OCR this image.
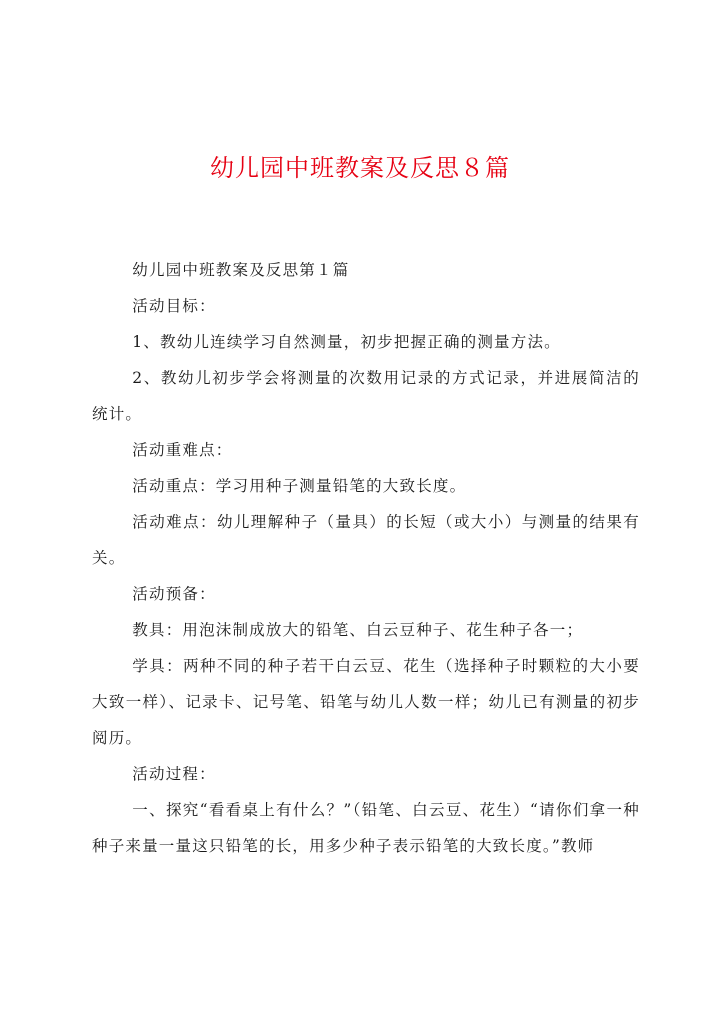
幼儿园中班教案及反思８篇

幼儿园中班教案及反思第１篇

活动目标：

1、教幼儿连续学习自然测量，初步把握正确的测量方法。

2、教幼儿初步学会将测量的次数用记录的方式记录，并进展简洁的统计。

活动重难点：

活动重点：学习用种子测量铅笔的大致长度。

活动难点：幼儿理解种子（量具）的长短（或大小）与测量的结果有关。

活动预备：

教具：用泡沫制成放大的铅笔、白云豆种子、花生种子各一；

学具：两种不同的种子若干白云豆、花生（选择种子时颗粒的大小要大致一样）、记录卡、记号笔、铅笔与幼儿人数一样；幼儿已有测量的初步阅历。

活动过程：

一、探究“看看桌上有什么？”（铅笔、白云豆、花生）“请你们拿一种种子来量一量这只铅笔的长，用多少种子表示铅笔的大致长度。”教师
